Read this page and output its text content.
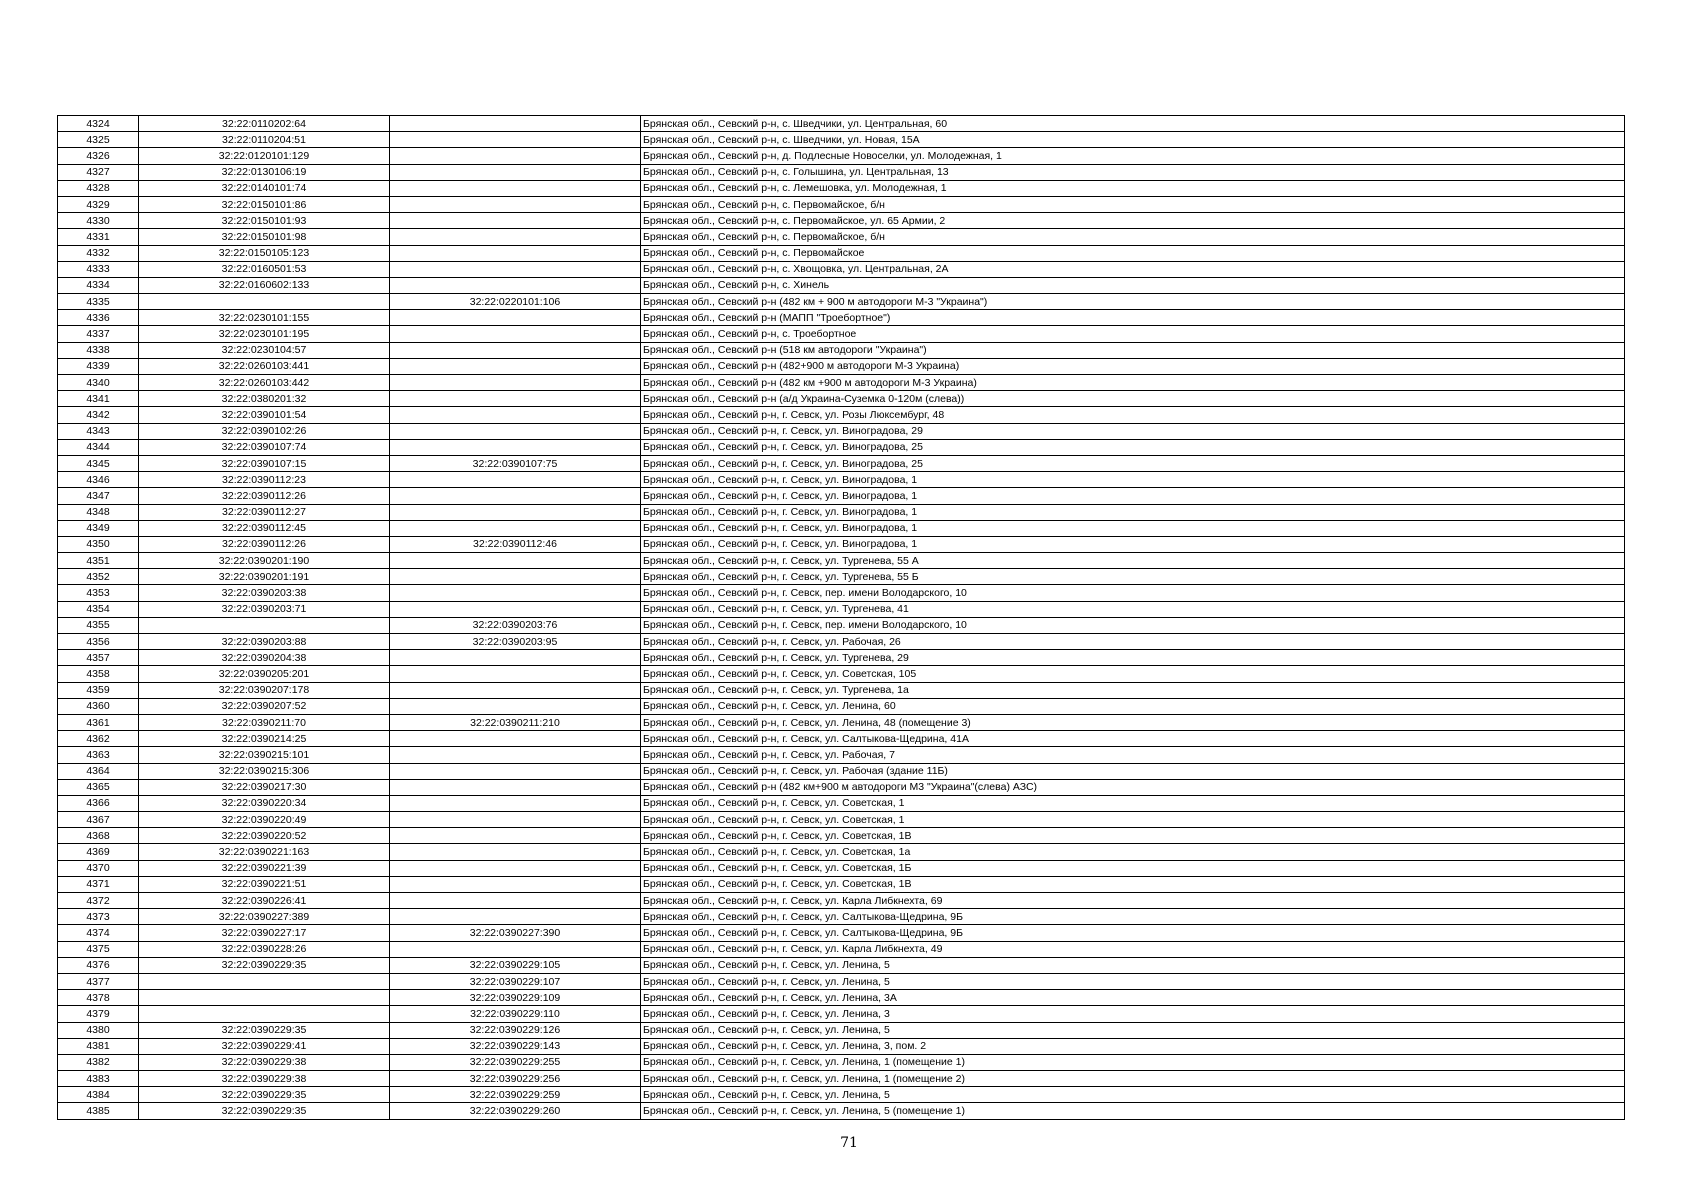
4324	32:22:0110202:64		Брянская обл., Севский р-н, с. Шведчики, ул. Центральная, 60
4325	32:22:0110204:51		Брянская обл., Севский р-н, с. Шведчики, ул. Новая, 15А
4326	32:22:0120101:129		Брянская обл., Севский р-н, д. Подлесные Новоселки, ул. Молодежная, 1
4327	32:22:0130106:19		Брянская обл., Севский р-н, с. Голышина, ул. Центральная, 13
4328	32:22:0140101:74		Брянская обл., Севский р-н, с. Лемешовка, ул. Молодежная, 1
4329	32:22:0150101:86		Брянская обл., Севский р-н, с. Первомайское, б/н
4330	32:22:0150101:93		Брянская обл., Севский р-н, с. Первомайское, ул. 65 Армии, 2
4331	32:22:0150101:98		Брянская обл., Севский р-н, с. Первомайское, б/н
4332	32:22:0150105:123		Брянская обл., Севский р-н, с. Первомайское
4333	32:22:0160501:53		Брянская обл., Севский р-н, с. Хвощовка, ул. Центральная, 2А
4334	32:22:0160602:133		Брянская обл., Севский р-н, с. Хинель
4335		32:22:0220101:106	Брянская обл., Севский р-н (482 км + 900 м автодороги М-3 "Украина")
4336	32:22:0230101:155		Брянская обл., Севский р-н (МАПП "Троебортное")
4337	32:22:0230101:195		Брянская обл., Севский р-н, с. Троебортное
4338	32:22:0230104:57		Брянская обл., Севский р-н (518 км автодороги "Украина")
4339	32:22:0260103:441		Брянская обл., Севский р-н (482+900 м автодороги М-3 Украина)
4340	32:22:0260103:442		Брянская обл., Севский р-н (482 км +900 м автодороги М-3 Украина)
4341	32:22:0380201:32		Брянская обл., Севский р-н (а/д Украина-Суземка 0-120м (слева))
4342	32:22:0390101:54		Брянская обл., Севский р-н, г. Севск, ул. Розы Люксембург, 48
4343	32:22:0390102:26		Брянская обл., Севский р-н, г. Севск, ул. Виноградова, 29
4344	32:22:0390107:74		Брянская обл., Севский р-н, г. Севск, ул. Виноградова, 25
4345	32:22:0390107:15	32:22:0390107:75	Брянская обл., Севский р-н, г. Севск, ул. Виноградова, 25
4346	32:22:0390112:23		Брянская обл., Севский р-н, г. Севск, ул. Виноградова, 1
4347	32:22:0390112:26		Брянская обл., Севский р-н, г. Севск, ул. Виноградова, 1
4348	32:22:0390112:27		Брянская обл., Севский р-н, г. Севск, ул. Виноградова, 1
4349	32:22:0390112:45		Брянская обл., Севский р-н, г. Севск, ул. Виноградова, 1
4350	32:22:0390112:26	32:22:0390112:46	Брянская обл., Севский р-н, г. Севск, ул. Виноградова, 1
4351	32:22:0390201:190		Брянская обл., Севский р-н, г. Севск, ул. Тургенева, 55 А
4352	32:22:0390201:191		Брянская обл., Севский р-н, г. Севск, ул. Тургенева, 55 Б
4353	32:22:0390203:38		Брянская обл., Севский р-н, г. Севск, пер. имени Володарского, 10
4354	32:22:0390203:71		Брянская обл., Севский р-н, г. Севск, ул. Тургенева, 41
4355		32:22:0390203:76	Брянская обл., Севский р-н, г. Севск, пер. имени Володарского, 10
4356	32:22:0390203:88	32:22:0390203:95	Брянская обл., Севский р-н, г. Севск, ул. Рабочая, 26
4357	32:22:0390204:38		Брянская обл., Севский р-н, г. Севск, ул. Тургенева, 29
4358	32:22:0390205:201		Брянская обл., Севский р-н, г. Севск, ул. Советская, 105
4359	32:22:0390207:178		Брянская обл., Севский р-н, г. Севск, ул. Тургенева, 1а
4360	32:22:0390207:52		Брянская обл., Севский р-н, г. Севск, ул. Ленина, 60
4361	32:22:0390211:70	32:22:0390211:210	Брянская обл., Севский р-н, г. Севск, ул. Ленина, 48 (помещение 3)
4362	32:22:0390214:25		Брянская обл., Севский р-н, г. Севск, ул. Салтыкова-Щедрина, 41А
4363	32:22:0390215:101		Брянская обл., Севский р-н, г. Севск, ул. Рабочая, 7
4364	32:22:0390215:306		Брянская обл., Севский р-н, г. Севск, ул. Рабочая (здание 11Б)
4365	32:22:0390217:30		Брянская обл., Севский р-н (482 км+900 м автодороги М3 "Украина"(слева) АЗС)
4366	32:22:0390220:34		Брянская обл., Севский р-н, г. Севск, ул. Советская, 1
4367	32:22:0390220:49		Брянская обл., Севский р-н, г. Севск, ул. Советская, 1
4368	32:22:0390220:52		Брянская обл., Севский р-н, г. Севск, ул. Советская, 1В
4369	32:22:0390221:163		Брянская обл., Севский р-н, г. Севск, ул. Советская, 1а
4370	32:22:0390221:39		Брянская обл., Севский р-н, г. Севск, ул. Советская, 1Б
4371	32:22:0390221:51		Брянская обл., Севский р-н, г. Севск, ул. Советская, 1В
4372	32:22:0390226:41		Брянская обл., Севский р-н, г. Севск, ул. Карла Либкнехта, 69
4373	32:22:0390227:389		Брянская обл., Севский р-н, г. Севск, ул. Салтыкова-Щедрина, 9Б
4374	32:22:0390227:17	32:22:0390227:390	Брянская обл., Севский р-н, г. Севск, ул. Салтыкова-Щедрина, 9Б
4375	32:22:0390228:26		Брянская обл., Севский р-н, г. Севск, ул. Карла Либкнехта, 49
4376	32:22:0390229:35	32:22:0390229:105	Брянская обл., Севский р-н, г. Севск, ул. Ленина, 5
4377		32:22:0390229:107	Брянская обл., Севский р-н, г. Севск, ул. Ленина, 5
4378		32:22:0390229:109	Брянская обл., Севский р-н, г. Севск, ул. Ленина, 3А
4379		32:22:0390229:110	Брянская обл., Севский р-н, г. Севск, ул. Ленина, 3
4380	32:22:0390229:35	32:22:0390229:126	Брянская обл., Севский р-н, г. Севск, ул. Ленина, 5
4381	32:22:0390229:41	32:22:0390229:143	Брянская обл., Севский р-н, г. Севск, ул. Ленина, 3, пом. 2
4382	32:22:0390229:38	32:22:0390229:255	Брянская обл., Севский р-н, г. Севск, ул. Ленина, 1 (помещение 1)
4383	32:22:0390229:38	32:22:0390229:256	Брянская обл., Севский р-н, г. Севск, ул. Ленина, 1 (помещение 2)
4384	32:22:0390229:35	32:22:0390229:259	Брянская обл., Севский р-н, г. Севск, ул. Ленина, 5
4385	32:22:0390229:35	32:22:0390229:260	Брянская обл., Севский р-н, г. Севск, ул. Ленина, 5 (помещение 1)
71
